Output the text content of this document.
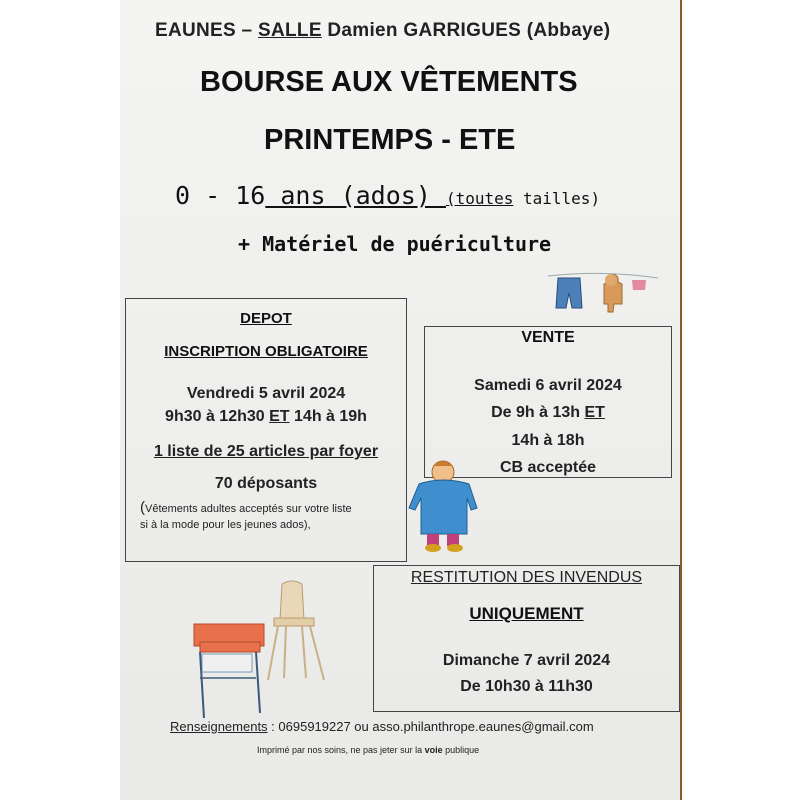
EAUNES – SALLE Damien GARRIGUES (Abbaye)
BOURSE AUX VÊTEMENTS
PRINTEMPS - ETE
0 - 16 ans (ados) (toutes tailles)
+ Matériel de puériculture
DEPOT
INSCRIPTION OBLIGATOIRE
Vendredi 5 avril 2024
9h30 à 12h30 ET 14h à 19h
1 liste de 25 articles par foyer
70 déposants
(Vêtements adultes acceptés sur votre liste
si à la mode pour les jeunes ados),
VENTE
Samedi 6 avril 2024
De 9h à 13h ET
14h à 18h
CB acceptée
RESTITUTION DES INVENDUS
UNIQUEMENT
Dimanche 7 avril 2024
De 10h30 à 11h30
Renseignements : 0695919227 ou asso.philanthrope.eaunes@gmail.com
Imprimé par nos soins, ne pas jeter sur la voie publique
